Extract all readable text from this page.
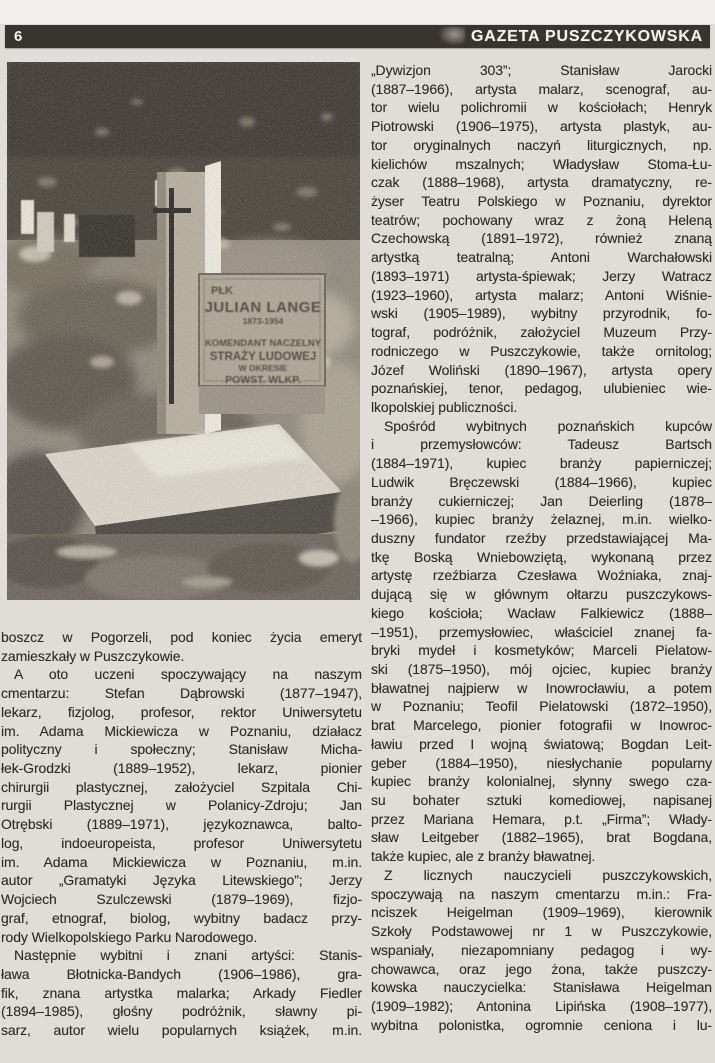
6	GAZETA PUSZCZYKOWSKA
PŁK
JULIAN LANGE
1873-1954
KOMENDANT NACZELNY
STRAŻY LUDOWEJ
W OKRESIE
POWST. WLKP.
boszcz w Pogorzeli, pod koniec życia emeryt
zamieszkały w Puszczykowie.
A oto uczeni spoczywający na naszym
cmentarzu: Stefan Dąbrowski (1877–1947),
lekarz, fizjolog, profesor, rektor Uniwersytetu
im. Adama Mickiewicza w Poznaniu, działacz
polityczny i społeczny; Stanisław Micha-
łek-Grodzki (1889–1952), lekarz, pionier
chirurgii plastycznej, założyciel Szpitala Chi-
rurgii Plastycznej w Polanicy-Zdroju; Jan
Otrębski (1889–1971), językoznawca, balto-
log, indoeuropeista, profesor Uniwersytetu
im. Adama Mickiewicza w Poznaniu, m.in.
autor „Gramatyki Języka Litewskiego”; Jerzy
Wojciech Szulczewski (1879–1969), fizjo-
graf, etnograf, biolog, wybitny badacz przy-
rody Wielkopolskiego Parku Narodowego.
Następnie wybitni i znani artyści: Stanis-
ława Błotnicka-Bandych (1906–1986), gra-
fik, znana artystka malarka; Arkady Fiedler
(1894–1985), głośny podróżnik, sławny pi-
sarz, autor wielu popularnych książek, m.in.
„Dywizjon 303”; Stanisław Jarocki
(1887–1966), artysta malarz, scenograf, au-
tor wielu polichromii w kościołach; Henryk
Piotrowski (1906–1975), artysta plastyk, au-
tor oryginalnych naczyń liturgicznych, np.
kielichów mszalnych; Władysław Stoma-Łu-
czak (1888–1968), artysta dramatyczny, re-
żyser Teatru Polskiego w Poznaniu, dyrektor
teatrów; pochowany wraz z żoną Heleną
Czechowską (1891–1972), również znaną
artystką teatralną; Antoni Warchałowski
(1893–1971) artysta-śpiewak; Jerzy Watracz
(1923–1960), artysta malarz; Antoni Wiśnie-
wski (1905–1989), wybitny przyrodnik, fo-
tograf, podróżnik, założyciel Muzeum Przy-
rodniczego w Puszczykowie, także ornitolog;
Józef Woliński (1890–1967), artysta opery
poznańskiej, tenor, pedagog, ulubieniec wie-
lkopolskiej publiczności.
Spośród wybitnych poznańskich kupców
i przemysłowców: Tadeusz Bartsch
(1884–1971), kupiec branży papierniczej;
Ludwik Bręczewski (1884–1966), kupiec
branży cukierniczej; Jan Deierling (1878–
–1966), kupiec branży żelaznej, m.in. wielko-
duszny fundator rzeźby przedstawiającej Ma-
tkę Boską Wniebowziętą, wykonaną przez
artystę rzeźbiarza Czesława Woźniaka, znaj-
dującą się w głównym ołtarzu puszczykows-
kiego kościoła; Wacław Falkiewicz (1888–
–1951), przemysłowiec, właściciel znanej fa-
bryki mydeł i kosmetyków; Marceli Pielatow-
ski (1875–1950), mój ojciec, kupiec branży
bławatnej najpierw w Inowrocławiu, a potem
w Poznaniu; Teofil Pielatowski (1872–1950),
brat Marcelego, pionier fotografii w Inowroc-
ławiu przed I wojną światową; Bogdan Leit-
geber (1884–1950), niesłychanie popularny
kupiec branży kolonialnej, słynny swego cza-
su bohater sztuki komediowej, napisanej
przez Mariana Hemara, p.t. „Firma”; Włady-
sław Leitgeber (1882–1965), brat Bogdana,
także kupiec, ale z branży bławatnej.
Z licznych nauczycieli puszczykowskich,
spoczywają na naszym cmentarzu m.in.: Fra-
nciszek Heigelman (1909–1969), kierownik
Szkoły Podstawowej nr 1 w Puszczykowie,
wspaniały, niezapomniany pedagog i wy-
chowawca, oraz jego żona, także puszczy-
kowska nauczycielka: Stanisława Heigelman
(1909–1982); Antonina Lipińska (1908–1977),
wybitna polonistka, ogromnie ceniona i lu-
